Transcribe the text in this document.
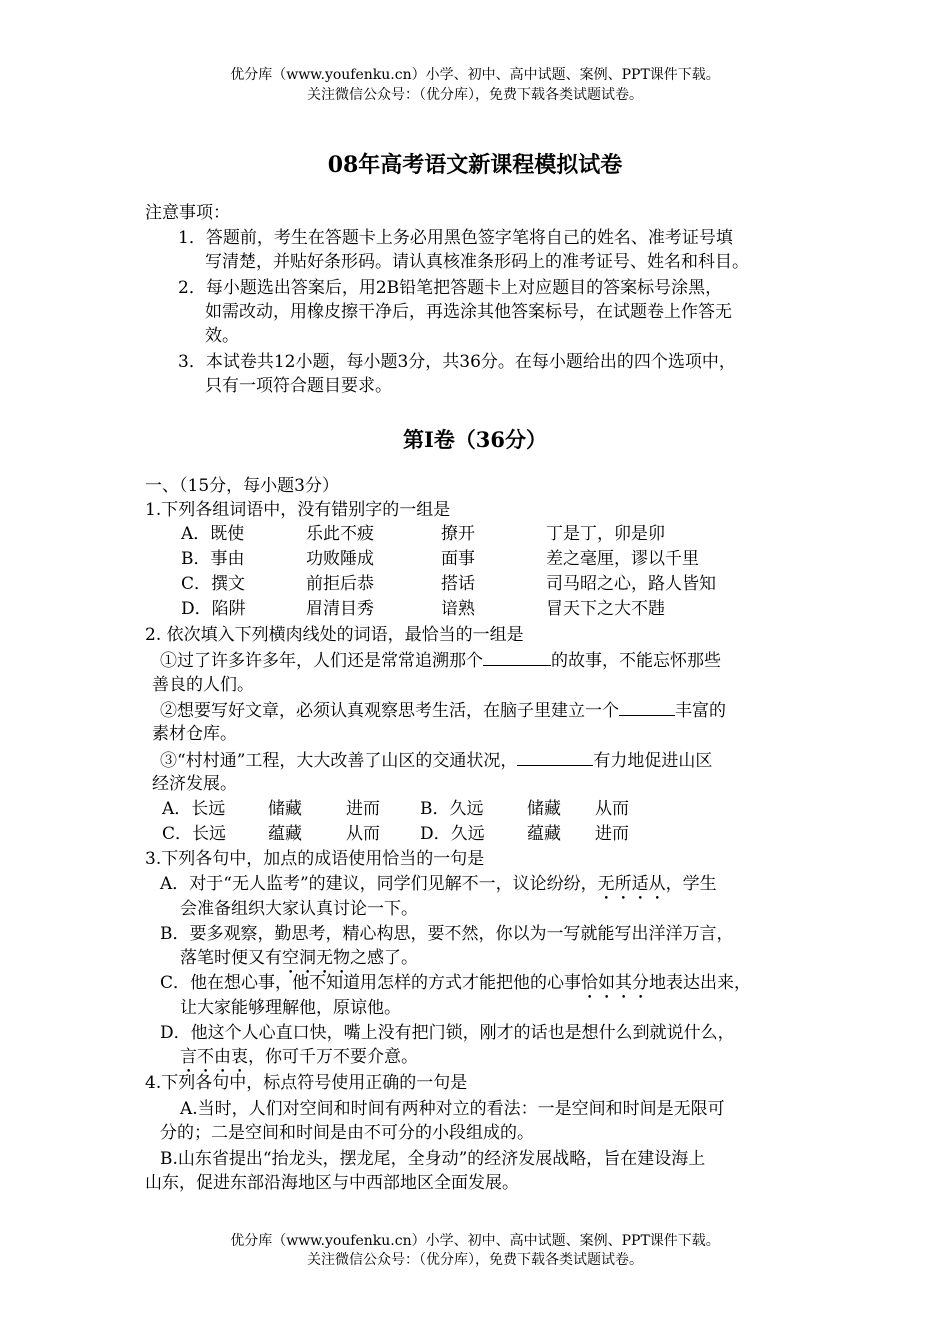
优分库（www.youfenku.cn）小学、初中、高中试题、案例、PPT课件下载。
关注微信公众号：（优分库），免费下载各类试题试卷。
08年高考语文新课程模拟试卷
注意事项：
1．答题前，考生在答题卡上务必用黑色签字笔将自己的姓名、准考证号填
写清楚，并贴好条形码。请认真核准条形码上的准考证号、姓名和科目。
2．每小题选出答案后，用2B铅笔把答题卡上对应题目的答案标号涂黑，
如需改动，用橡皮擦干净后，再选涂其他答案标号，在试题卷上作答无
效。
3．本试卷共12小题，每小题3分，共36分。在每小题给出的四个选项中，
只有一项符合题目要求。
第Ⅰ卷（36分）
一、（15分，每小题3分）
1.下列各组词语中，没有错别字的一组是
A．既使	乐此不疲	撩开	丁是丁，卯是卯
B．事由	功败陲成	面事	差之毫厘，谬以千里
C．撰文	前拒后恭	搭话	司马昭之心，路人皆知
D．陷阱	眉清目秀	谙熟	冒天下之大不韪
2. 依次填入下列横肉线处的词语，最恰当的一组是
①过了许多许多年，人们还是常常追溯那个	的故事，不能忘怀那些
善良的人们。
②想要写好文章，必须认真观察思考生活，在脑子里建立一个	丰富的
素材仓库。
③“村村通”工程，大大改善了山区的交通状况，	有力地促进山区
经济发展。
A．长远	储藏	进而 B．久远	储藏 从而
C．长远 蕴藏	从而 D．久远 蕴藏 进而
3.下列各句中，加点的成语使用恰当的一句是
A．对于“无人监考”的建议，同学们见解不一，议论纷纷，无所适从，学生
会准备组织大家认真讨论一下。
B．要多观察，勤思考，精心构思，要不然，你以为一写就能写出洋洋万言，
落笔时便又有空洞无物之感了。
C．他在想心事，他不知道用怎样的方式才能把他的心事恰如其分地表达出来，
让大家能够理解他，原谅他。
D．他这个人心直口快，嘴上没有把门锁，刚才的话也是想什么到就说什么，
言不由衷，你可千万不要介意。
4.下列各句中，标点符号使用正确的一句是
A.当时，人们对空间和时间有两种对立的看法：一是空间和时间是无限可
分的；二是空间和时间是由不可分的小段组成的。
B.山东省提出“抬龙头，摆龙尾，全身动”的经济发展战略，旨在建设海上
山东，促进东部沿海地区与中西部地区全面发展。
优分库（www.youfenku.cn）小学、初中、高中试题、案例、PPT课件下载。
关注微信公众号：（优分库），免费下载各类试题试卷。
